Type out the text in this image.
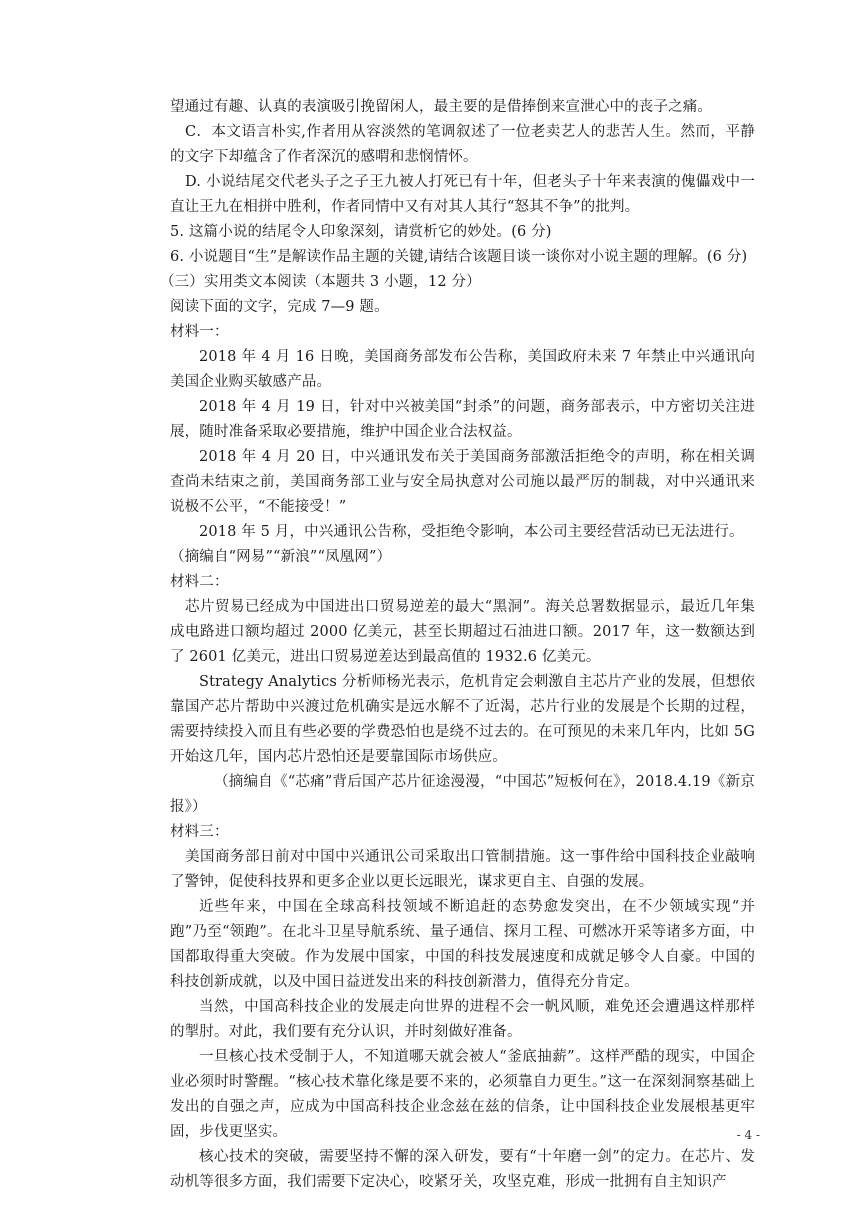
望通过有趣、认真的表演吸引挽留闲人，最主要的是借捧倒来宣泄心中的丧子之痛。

C．本文语言朴实,作者用从容淡然的笔调叙述了一位老卖艺人的悲苦人生。然而，平静的文字下却蕴含了作者深沉的感喟和悲悯情怀。

D. 小说结尾交代老头子之子王九被人打死已有十年，但老头子十年来表演的傀儡戏中一直让王九在相拼中胜利，作者同情中又有对其人其行“怒其不争”的批判。

5. 这篇小说的结尾令人印象深刻，请赏析它的妙处。(6 分)

6. 小说题目“生”是解读作品主题的关键,请结合该题目谈一谈你对小说主题的理解。(6 分)

（三）实用类文本阅读（本题共 3 小题，12 分）

阅读下面的文字，完成 7—9 题。

材料一：

2018 年 4 月 16 日晚，美国商务部发布公告称，美国政府未来 7 年禁止中兴通讯向美国企业购买敏感产品。

2018 年 4 月 19 日，针对中兴被美国“封杀”的问题，商务部表示，中方密切关注进展，随时准备采取必要措施，维护中国企业合法权益。

2018 年 4 月 20 日，中兴通讯发布关于美国商务部激活拒绝令的声明，称在相关调查尚未结束之前，美国商务部工业与安全局执意对公司施以最严厉的制裁，对中兴通讯来说极不公平，“不能接受！”

2018 年 5 月，中兴通讯公告称，受拒绝令影响，本公司主要经营活动已无法进行。

（摘编自“网易”“新浪”“凤凰网”）

材料二：

芯片贸易已经成为中国进出口贸易逆差的最大“黑洞”。海关总署数据显示，最近几年集成电路进口额均超过 2000 亿美元，甚至长期超过石油进口额。2017 年，这一数额达到了 2601 亿美元，进出口贸易逆差达到最高值的 1932.6 亿美元。

Strategy Analytics 分析师杨光表示，危机肯定会刺激自主芯片产业的发展，但想依靠国产芯片帮助中兴渡过危机确实是远水解不了近渴，芯片行业的发展是个长期的过程，需要持续投入而且有些必要的学费恐怕也是绕不过去的。在可预见的未来几年内，比如 5G 开始这几年，国内芯片恐怕还是要靠国际市场供应。

（摘编自《“芯痛”背后国产芯片征途漫漫，“中国芯”短板何在》，2018.4.19《新京报》）

材料三：

美国商务部日前对中国中兴通讯公司采取出口管制措施。这一事件给中国科技企业敲响了警钟，促使科技界和更多企业以更长远眼光，谋求更自主、自强的发展。

近些年来，中国在全球高科技领域不断追赶的态势愈发突出，在不少领域实现“并跑”乃至“领跑”。在北斗卫星导航系统、量子通信、探月工程、可燃冰开采等诸多方面，中国都取得重大突破。作为发展中国家，中国的科技发展速度和成就足够令人自豪。中国的科技创新成就，以及中国日益迸发出来的科技创新潜力，值得充分肯定。

当然，中国高科技企业的发展走向世界的进程不会一帆风顺，难免还会遭遇这样那样的掣肘。对此，我们要有充分认识，并时刻做好准备。

一旦核心技术受制于人，不知道哪天就会被人“釜底抽薪”。这样严酷的现实，中国企业必须时时警醒。“核心技术靠化缘是要不来的，必须靠自力更生。”这一在深刻洞察基础上发出的自强之声，应成为中国高科技企业念兹在兹的信条，让中国科技企业发展根基更牢固，步伐更坚实。

核心技术的突破，需要坚持不懈的深入研发，要有“十年磨一剑”的定力。在芯片、发动机等很多方面，我们需要下定决心，咬紧牙关，攻坚克难，形成一批拥有自主知识产

- 4 -
